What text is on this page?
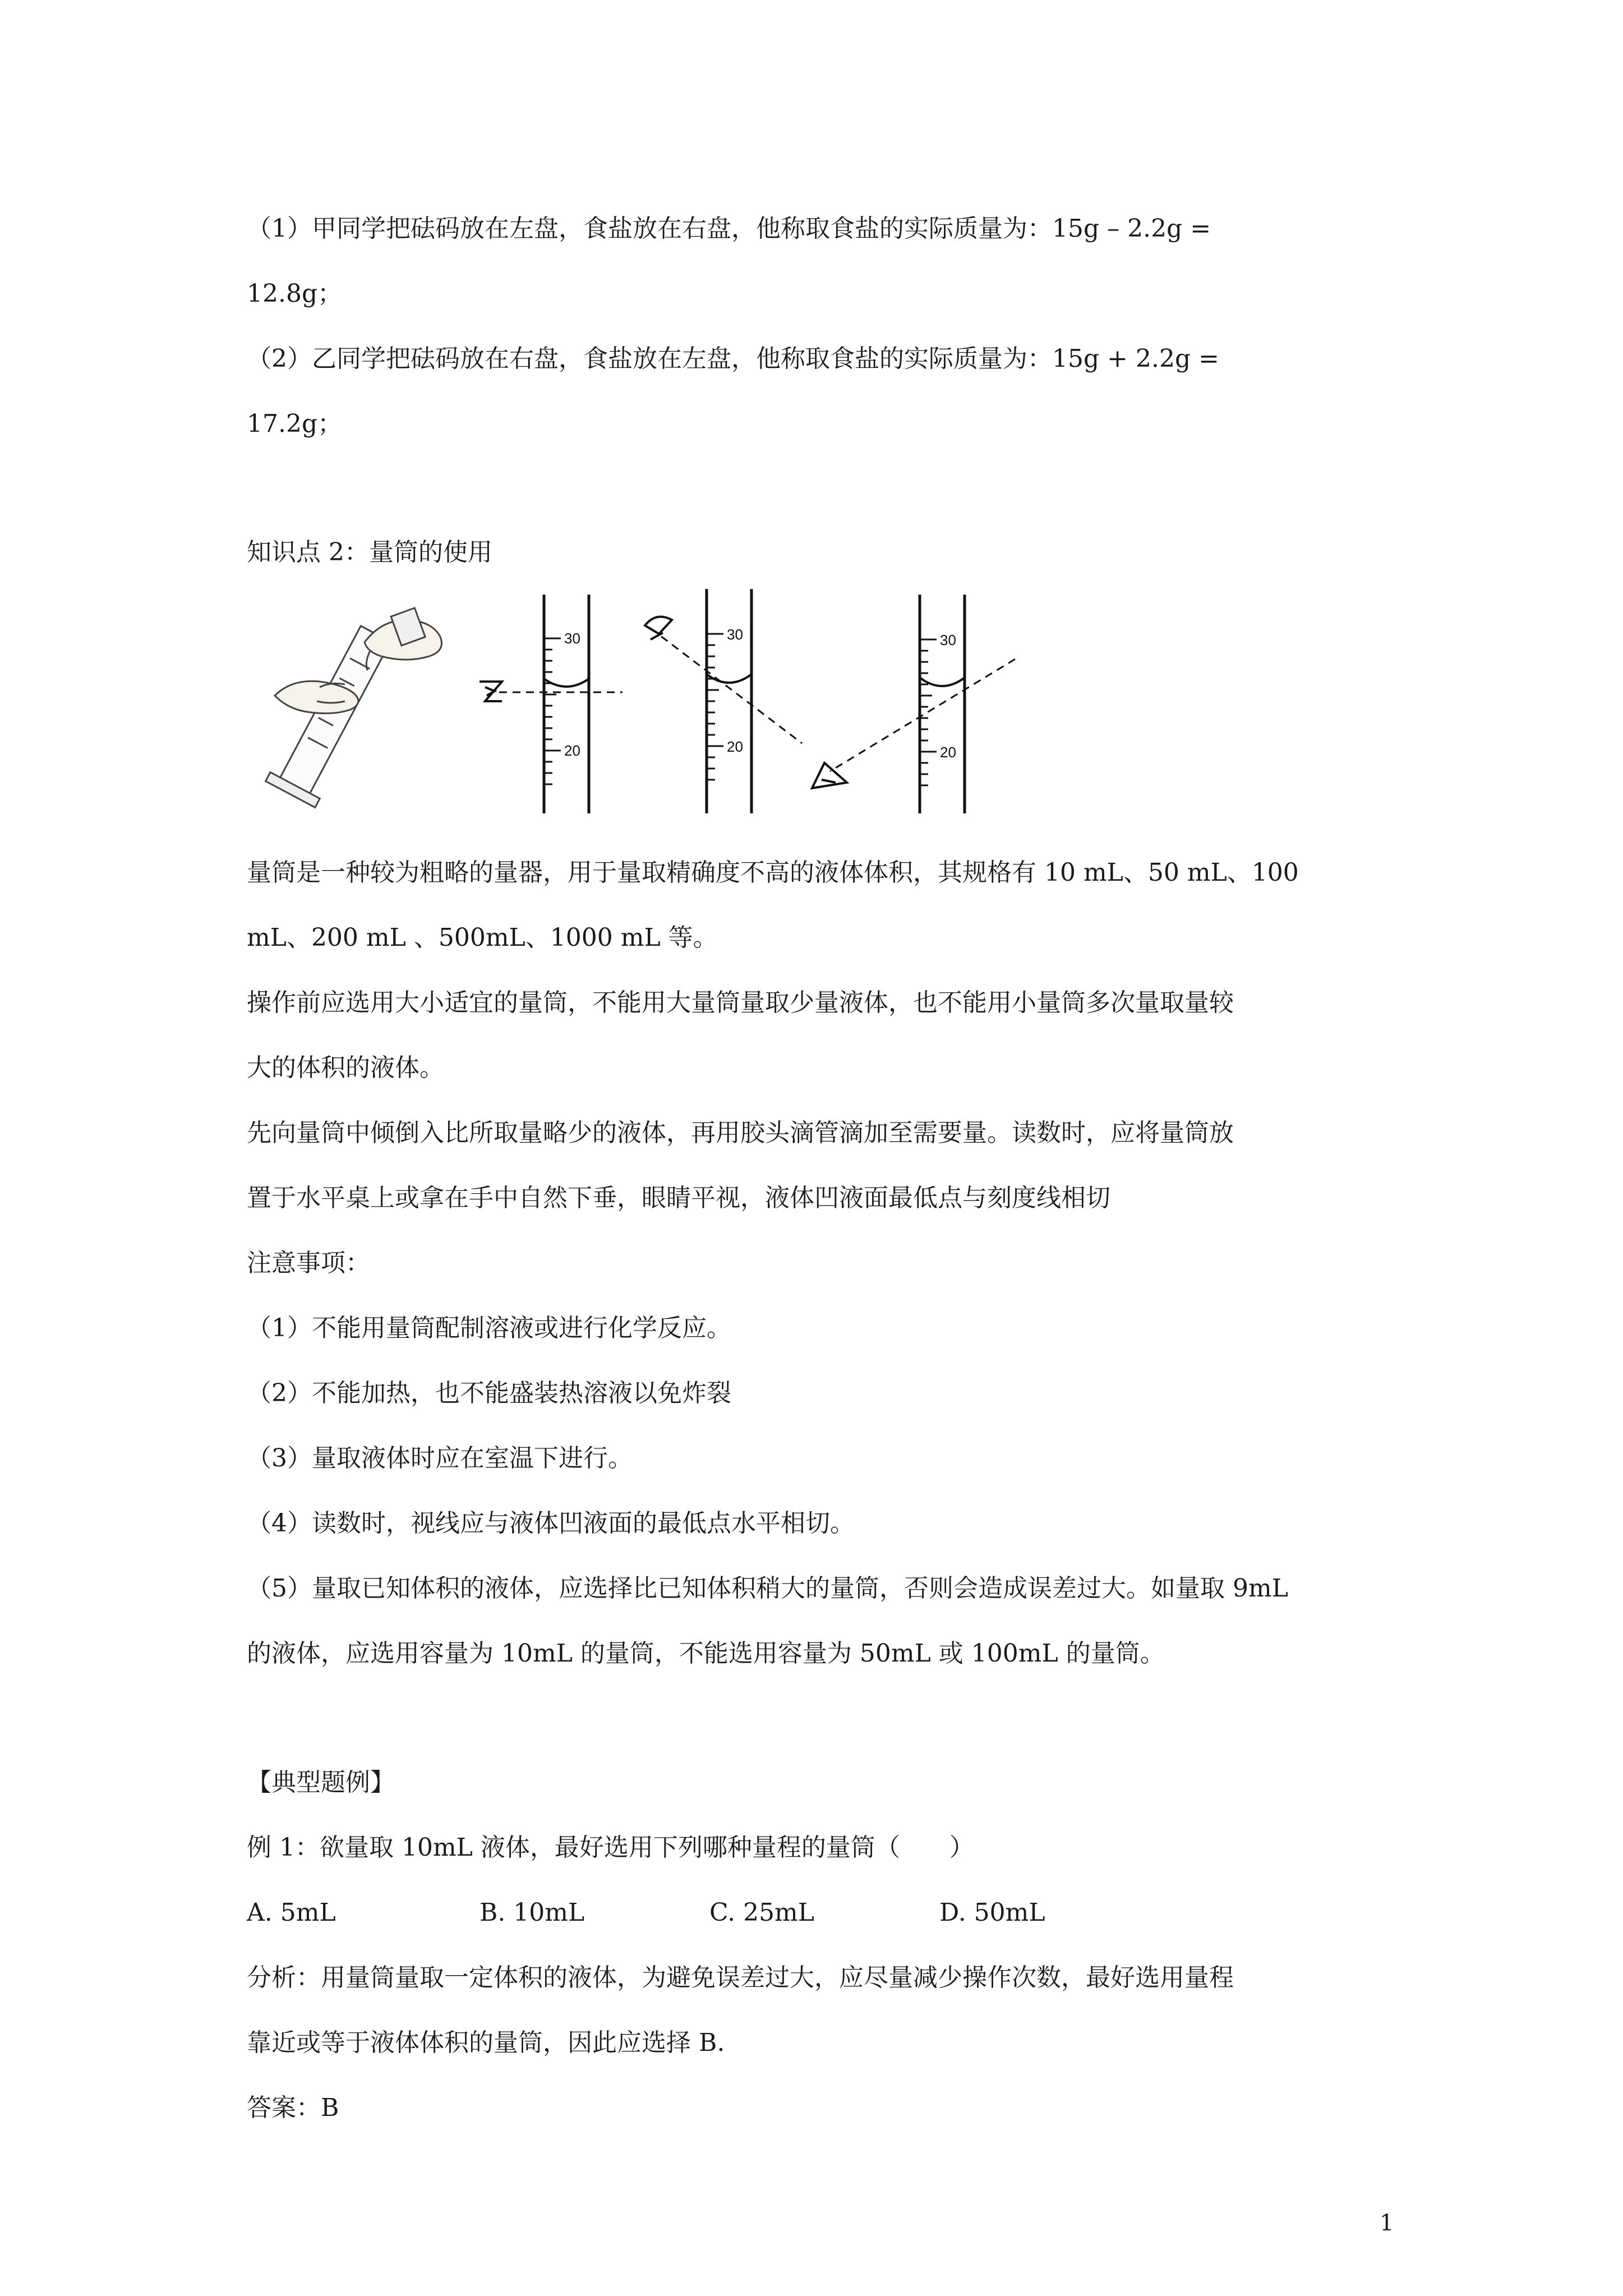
（1）甲同学把砝码放在左盘，食盐放在右盘，他称取食盐的实际质量为：15g – 2.2g =
12.8g；
（2）乙同学把砝码放在右盘，食盐放在左盘，他称取食盐的实际质量为：15g + 2.2g =
17.2g；
知识点 2：量筒的使用
30
20
30
20
30
20
量筒是一种较为粗略的量器，用于量取精确度不高的液体体积，其规格有 10 mL、50 mL、100
mL、200 mL 、500mL、1000 mL 等。
操作前应选用大小适宜的量筒，不能用大量筒量取少量液体，也不能用小量筒多次量取量较
大的体积的液体。
先向量筒中倾倒入比所取量略少的液体，再用胶头滴管滴加至需要量。读数时，应将量筒放
置于水平桌上或拿在手中自然下垂，眼睛平视，液体凹液面最低点与刻度线相切
注意事项：
（1）不能用量筒配制溶液或进行化学反应。
（2）不能加热，也不能盛装热溶液以免炸裂
（3）量取液体时应在室温下进行。
（4）读数时，视线应与液体凹液面的最低点水平相切。
（5）量取已知体积的液体，应选择比已知体积稍大的量筒，否则会造成误差过大。如量取 9mL
的液体，应选用容量为 10mL 的量筒，不能选用容量为 50mL 或 100mL 的量筒。
【典型题例】
例 1：欲量取 10mL 液体，最好选用下列哪种量程的量筒（　　）
A. 5mL	B. 10mL	C. 25mL	D. 50mL
分析：用量筒量取一定体积的液体，为避免误差过大，应尽量减少操作次数，最好选用量程
靠近或等于液体体积的量筒，因此应选择 B.
答案：B
1
